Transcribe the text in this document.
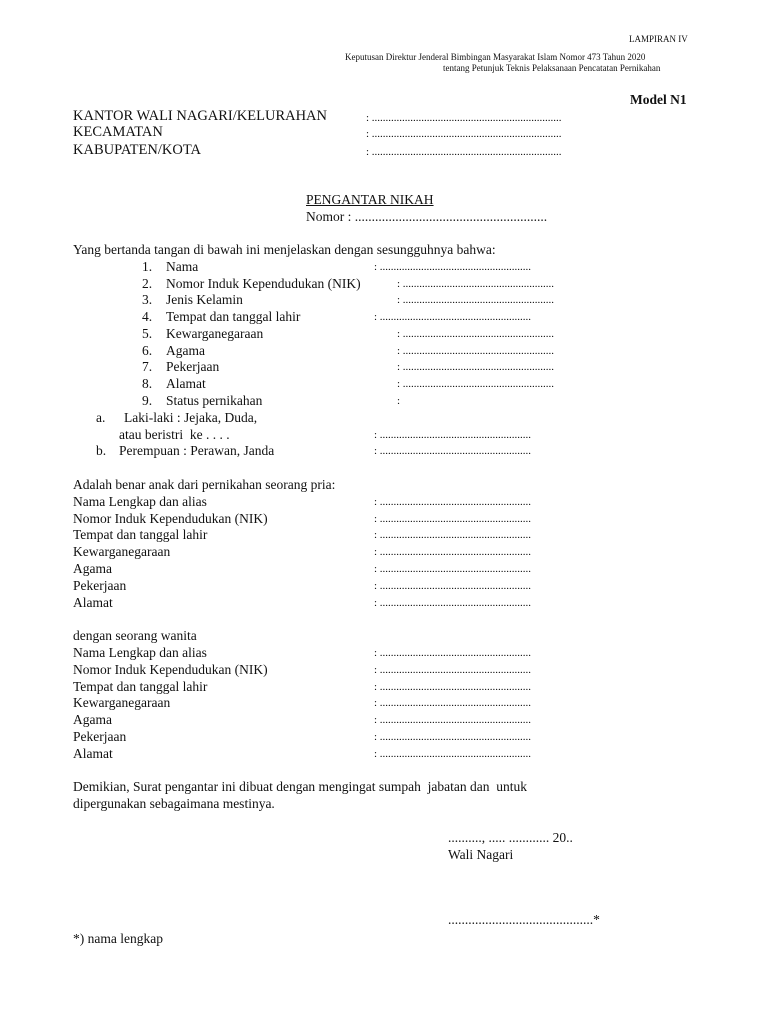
LAMPIRAN IV
Keputusan Direktur Jenderal Bimbingan Masyarakat Islam Nomor 473 Tahun 2020
tentang Petunjuk Teknis Pelaksanaan Pencatatan Pernikahan
Model N1
KANTOR WALI NAGARI/KELURAHAN	: .....................................................................
KECAMATAN	: .....................................................................
KABUPATEN/KOTA	: .....................................................................
PENGANTAR NIKAH
Nomor : .........................................................
Yang bertanda tangan di bawah ini menjelaskan dengan sesungguhnya bahwa:
1. Nama	: .......................................................
2. Nomor Induk Kependudukan (NIK)	: .......................................................
3. Jenis Kelamin	: .......................................................
4. Tempat dan tanggal lahir	: .......................................................
5. Kewarganegaraan	: .......................................................
6. Agama	: .......................................................
7. Pekerjaan	: .......................................................
8. Alamat	: .......................................................
9. Status pernikahan	:
a. Laki-laki : Jejaka, Duda,
atau beristri  ke . . . .	: .......................................................
b. Perempuan : Perawan, Janda	: .......................................................
Adalah benar anak dari pernikahan seorang pria:
Nama Lengkap dan alias	: .......................................................
Nomor Induk Kependudukan (NIK)	: .......................................................
Tempat dan tanggal lahir	: .......................................................
Kewarganegaraan	: .......................................................
Agama	: .......................................................
Pekerjaan	: .......................................................
Alamat	: .......................................................
dengan seorang wanita
Nama Lengkap dan alias	: .......................................................
Nomor Induk Kependudukan (NIK)	: .......................................................
Tempat dan tanggal lahir	: .......................................................
Kewarganegaraan	: .......................................................
Agama	: .......................................................
Pekerjaan	: .......................................................
Alamat	: .......................................................
Demikian, Surat pengantar ini dibuat dengan mengingat sumpah  jabatan dan  untuk
dipergunakan sebagaimana mestinya.
.........., ..... ............ 20..
Wali Nagari
...........................................*
*) nama lengkap
